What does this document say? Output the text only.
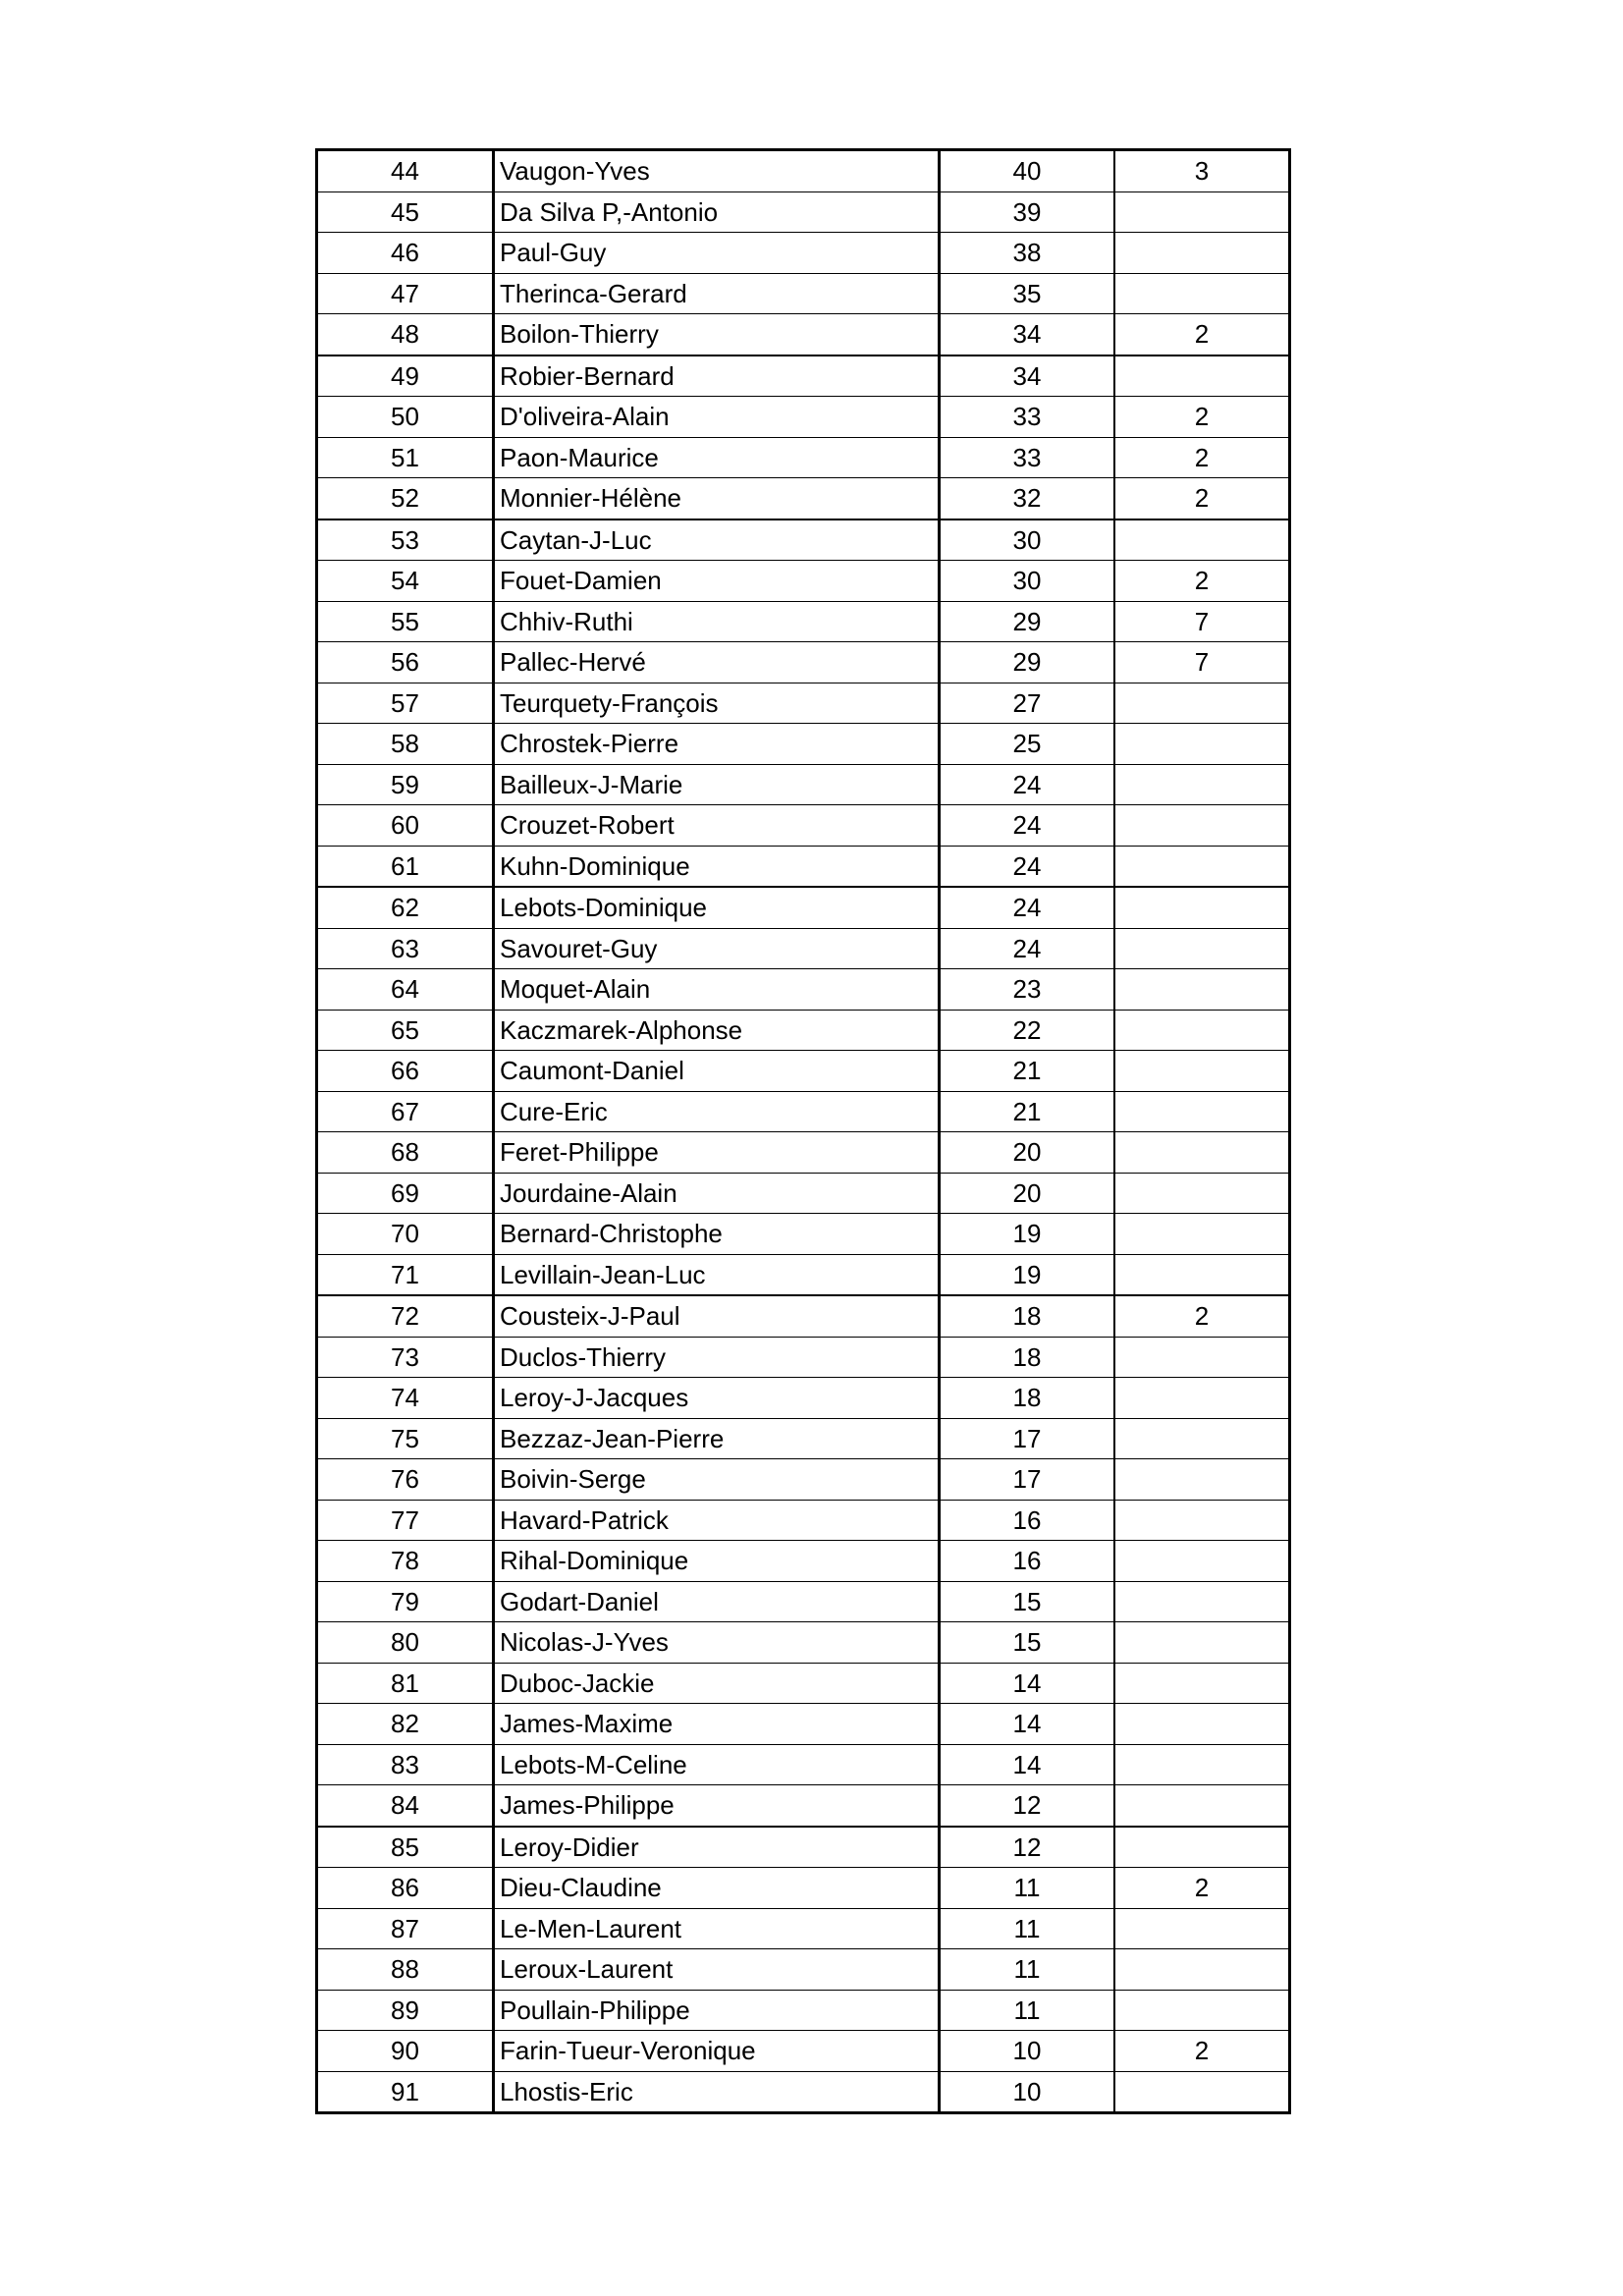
44	Vaugon-Yves	40	3
45	Da Silva P,-Antonio	39	
46	Paul-Guy	38	
47	Therinca-Gerard	35	
48	Boilon-Thierry	34	2
49	Robier-Bernard	34	
50	D'oliveira-Alain	33	2
51	Paon-Maurice	33	2
52	Monnier-Hélène	32	2
53	Caytan-J-Luc	30	
54	Fouet-Damien	30	2
55	Chhiv-Ruthi	29	7
56	Pallec-Hervé	29	7
57	Teurquety-François	27	
58	Chrostek-Pierre	25	
59	Bailleux-J-Marie	24	
60	Crouzet-Robert	24	
61	Kuhn-Dominique	24	
62	Lebots-Dominique	24	
63	Savouret-Guy	24	
64	Moquet-Alain	23	
65	Kaczmarek-Alphonse	22	
66	Caumont-Daniel	21	
67	Cure-Eric	21	
68	Feret-Philippe	20	
69	Jourdaine-Alain	20	
70	Bernard-Christophe	19	
71	Levillain-Jean-Luc	19	
72	Cousteix-J-Paul	18	2
73	Duclos-Thierry	18	
74	Leroy-J-Jacques	18	
75	Bezzaz-Jean-Pierre	17	
76	Boivin-Serge	17	
77	Havard-Patrick	16	
78	Rihal-Dominique	16	
79	Godart-Daniel	15	
80	Nicolas-J-Yves	15	
81	Duboc-Jackie	14	
82	James-Maxime	14	
83	Lebots-M-Celine	14	
84	James-Philippe	12	
85	Leroy-Didier	12	
86	Dieu-Claudine	11	2
87	Le-Men-Laurent	11	
88	Leroux-Laurent	11	
89	Poullain-Philippe	11	
90	Farin-Tueur-Veronique	10	2
91	Lhostis-Eric	10	
